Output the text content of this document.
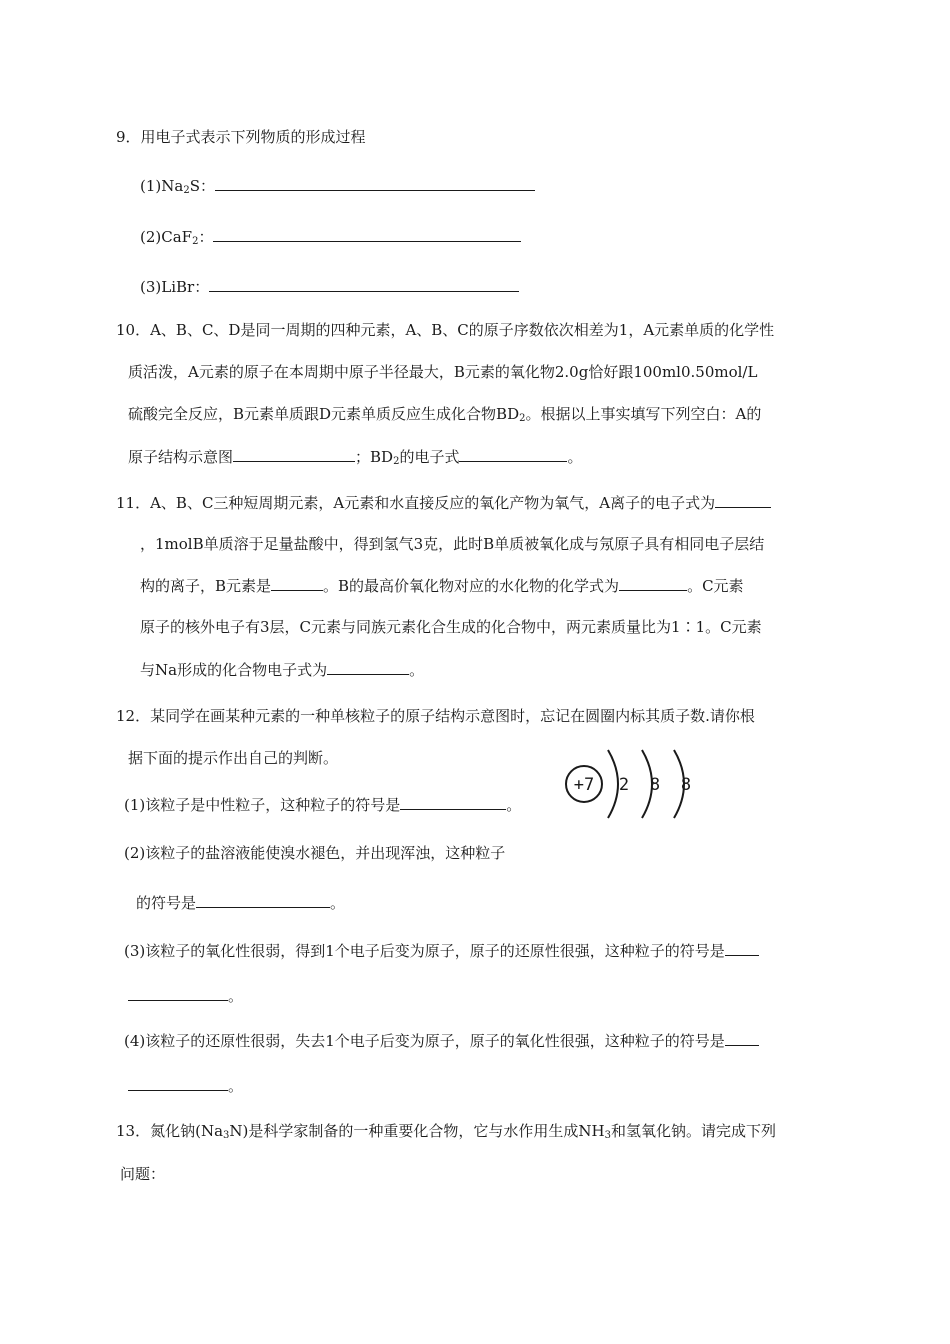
9．用电子式表示下列物质的形成过程
$(1)Na_2S$：
(2)CaF$_2$：
(3)LiBr：
10．A、B、C、D是同一周期的四种元素，A、B、C的原子序数依次相差为1，A元素单质的化学性
质活泼，A元素的原子在本周期中原子半径最大，B元素的氧化物2.0g恰好跟100ml0.50mol/L
硫酸完全反应，B元素单质跟D元素单质反应生成化合物$BD_2$。根据以上事实填写下列空白：A的
原子结构示意图	；$BD_2$的电子式	。
11．A、B、C三种短周期元素，A元素和水直接反应的氧化产物为氧气，A离子的电子式为
，1molB单质溶于足量盐酸中，得到氢气3克，此时B单质被氧化成与氖原子具有相同电子层结
构的离子，B元素是	。B的最高价氧化物对应的水化物的化学式为	。C元素
原子的核外电子有3层，C元素与同族元素化合生成的化合物中，两元素质量比为1∶1。C元素
与Na形成的化合物电子式为	。
12．某同学在画某种元素的一种单核粒子的原子结构示意图时，忘记在圆圈内标其质子数.请你根
据下面的提示作出自己的判断。
(1)该粒子是中性粒子，这种粒子的符号是	。
(2)该粒子的盐溶液能使溴水褪色，并出现浑浊，这种粒子
的符号是	。
(3)该粒子的氧化性很弱，得到1个电子后变为原子，原子的还原性很强，这种粒子的符号是
。
(4)该粒子的还原性很弱，失去1个电子后变为原子，原子的氧化性很强，这种粒子的符号是
。
+7 2 8 8
13．氮化钠$(Na_3N)$是科学家制备的一种重要化合物，它与水作用生成$NH_3$和氢氧化钠。请完成下列
问题：
